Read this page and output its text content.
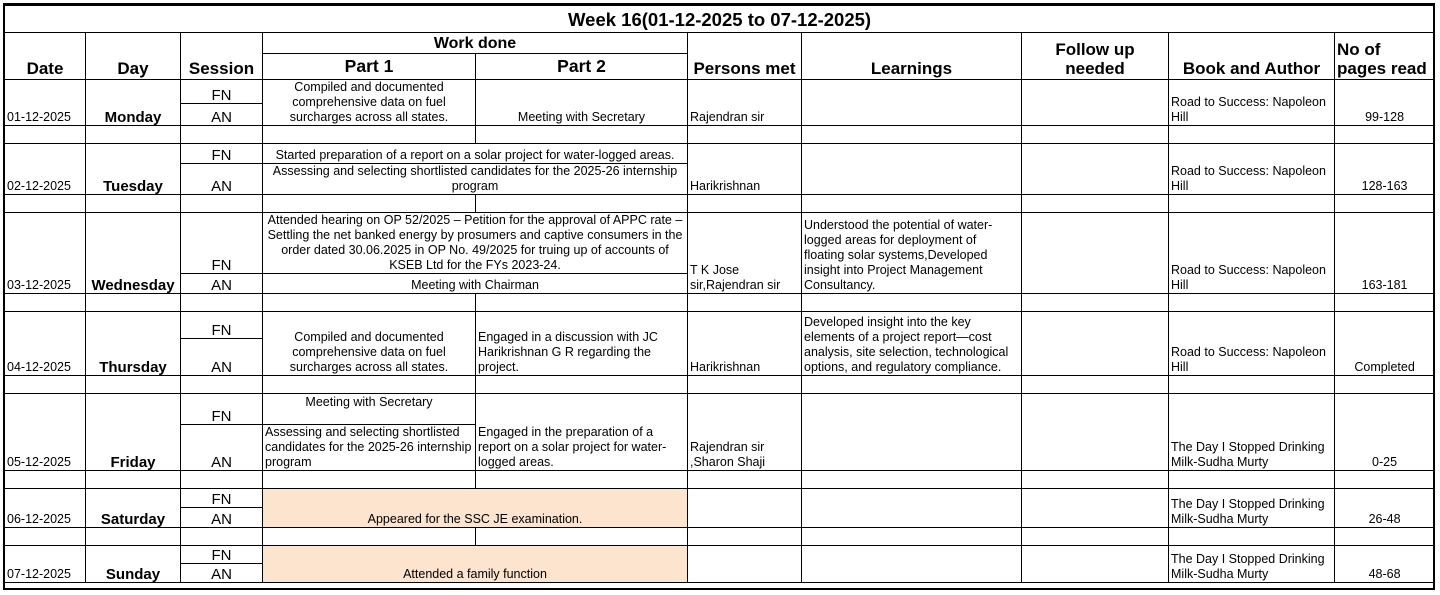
Week 16(01-12-2025 to 07-12-2025)									
Date	Day	Session	Work done		Persons met	Learnings	Follow up needed	Book and Author	No of pages read
			Part 1	Part 2					
01-12-2025	Monday	FN	Compiled and documented comprehensive data on fuel surcharges across all states.	Meeting with Secretary	Rajendran sir			Road to Success: Napoleon Hill	99-128
		AN							

02-12-2025	Tuesday	FN	Started preparation of a report on a solar project for water-logged areas.		Harikrishnan			Road to Success: Napoleon Hill	128-163
		AN	Assessing and selecting shortlisted candidates for the 2025-26 internship program						

03-12-2025	Wednesday	FN	Attended hearing on OP 52/2025 – Petition for the approval of APPC rate –Settling the net banked energy by prosumers and captive consumers in the order dated 30.06.2025 in OP No. 49/2025 for truing up of accounts of KSEB Ltd for the FYs 2023-24.		T K Jose sir,Rajendran sir	Understood the potential of water-logged areas for deployment of floating solar systems,Developed insight into Project Management Consultancy.		Road to Success: Napoleon Hill	163-181
		AN	Meeting with Chairman						

04-12-2025	Thursday	FN	Compiled and documented comprehensive data on fuel surcharges across all states.	Engaged in a discussion with JC Harikrishnan G R regarding the project.	Harikrishnan	Developed insight into the key elements of a project report—cost analysis, site selection, technological options, and regulatory compliance.		Road to Success: Napoleon Hill	Completed
		AN							

05-12-2025	Friday	FN	Meeting with Secretary	Engaged in the preparation of a report on a solar project for water-logged areas.	Rajendran sir ,Sharon Shaji			The Day I Stopped Drinking Milk-Sudha Murty	0-25
		AN	Assessing and selecting shortlisted candidates for the 2025-26 internship program						

06-12-2025	Saturday	FN	Appeared for the SSC JE examination.					The Day I Stopped Drinking Milk-Sudha Murty	26-48
		AN							

07-12-2025	Sunday	FN	Attended a family function					The Day I Stopped Drinking Milk-Sudha Murty	48-68
		AN							
